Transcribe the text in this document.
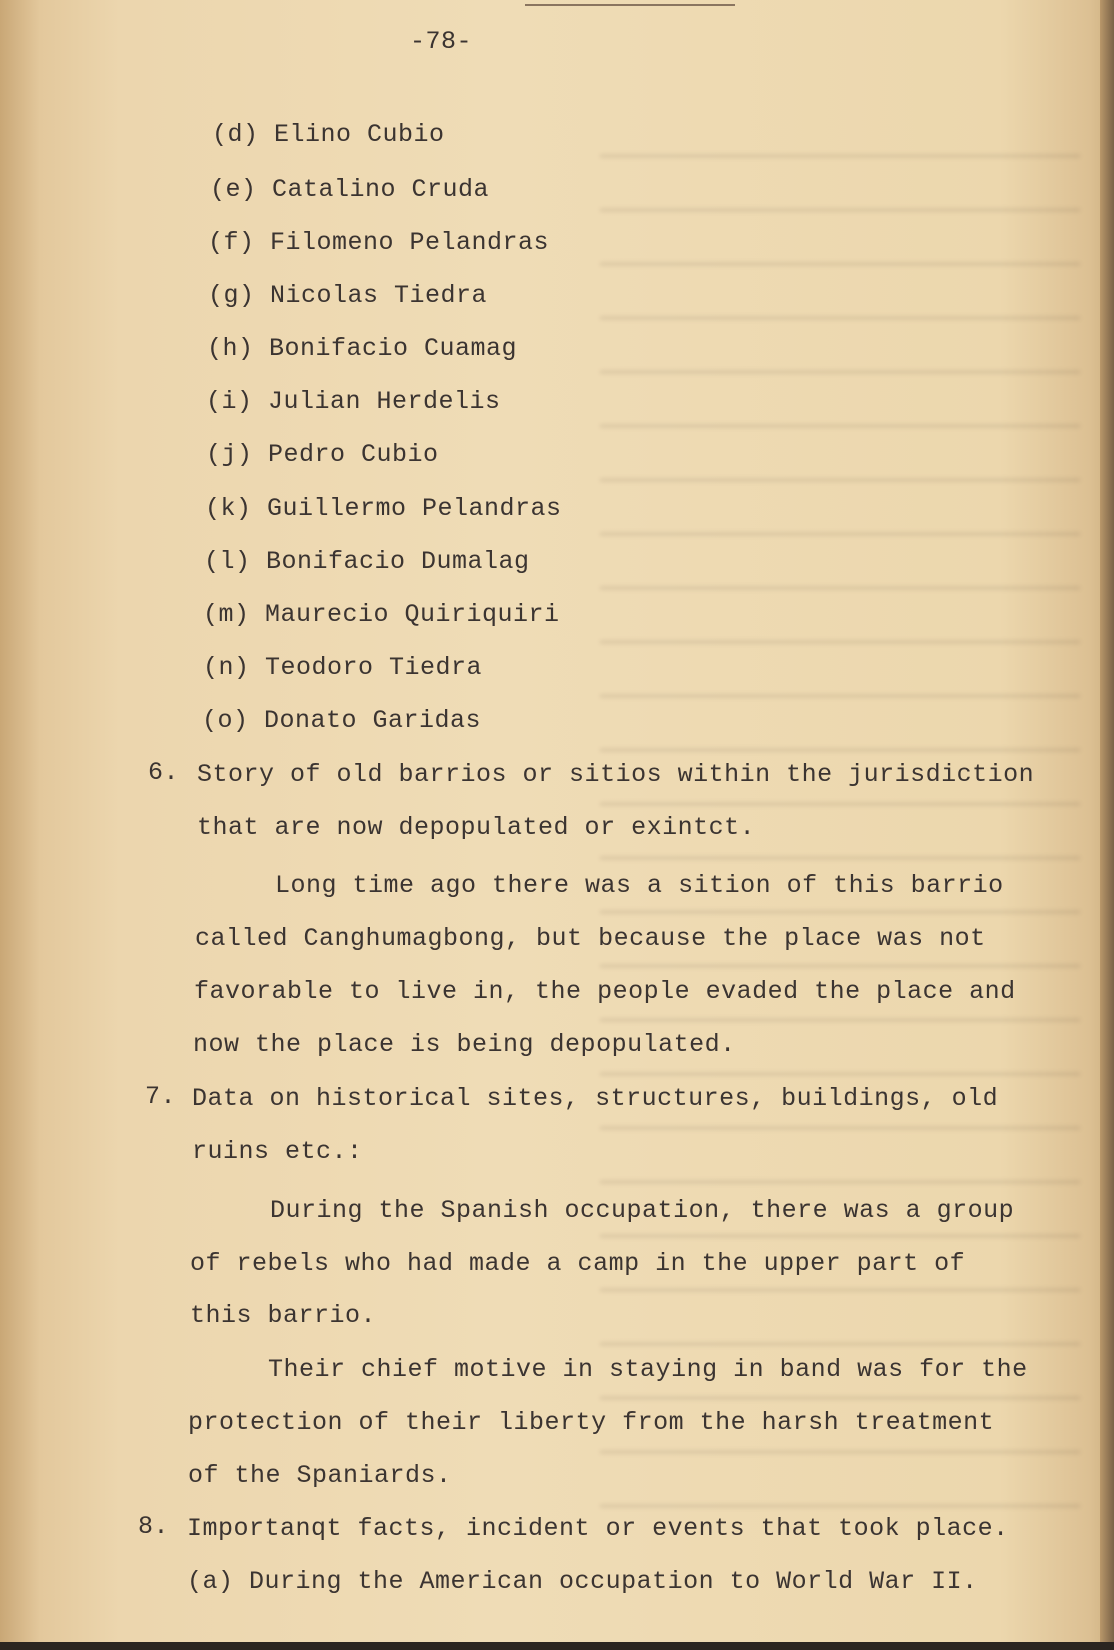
-78-
(d) Elino Cubio
(e) Catalino Cruda
(f) Filomeno Pelandras
(g) Nicolas Tiedra
(h) Bonifacio Cuamag
(i) Julian Herdelis
(j) Pedro Cubio
(k) Guillermo Pelandras
(l) Bonifacio Dumalag
(m) Maurecio Quiriquiri
(n) Teodoro Tiedra
(o) Donato Garidas
6. Story of old barrios or sitios within the jurisdiction
that are now depopulated or exintct.
Long time ago there was a sition of this barrio
called Canghumagbong, but because the place was not
favorable to live in, the people evaded the place and
now the place is being depopulated.
7. Data on historical sites, structures, buildings, old
ruins etc.:
During the Spanish occupation, there was a group
of rebels who had made a camp in the upper part of
this barrio.
Their chief motive in staying in band was for the
protection of their liberty from the harsh treatment
of the Spaniards.
8. Importanqt facts, incident or events that took place.
(a) During the American occupation to World War II.
